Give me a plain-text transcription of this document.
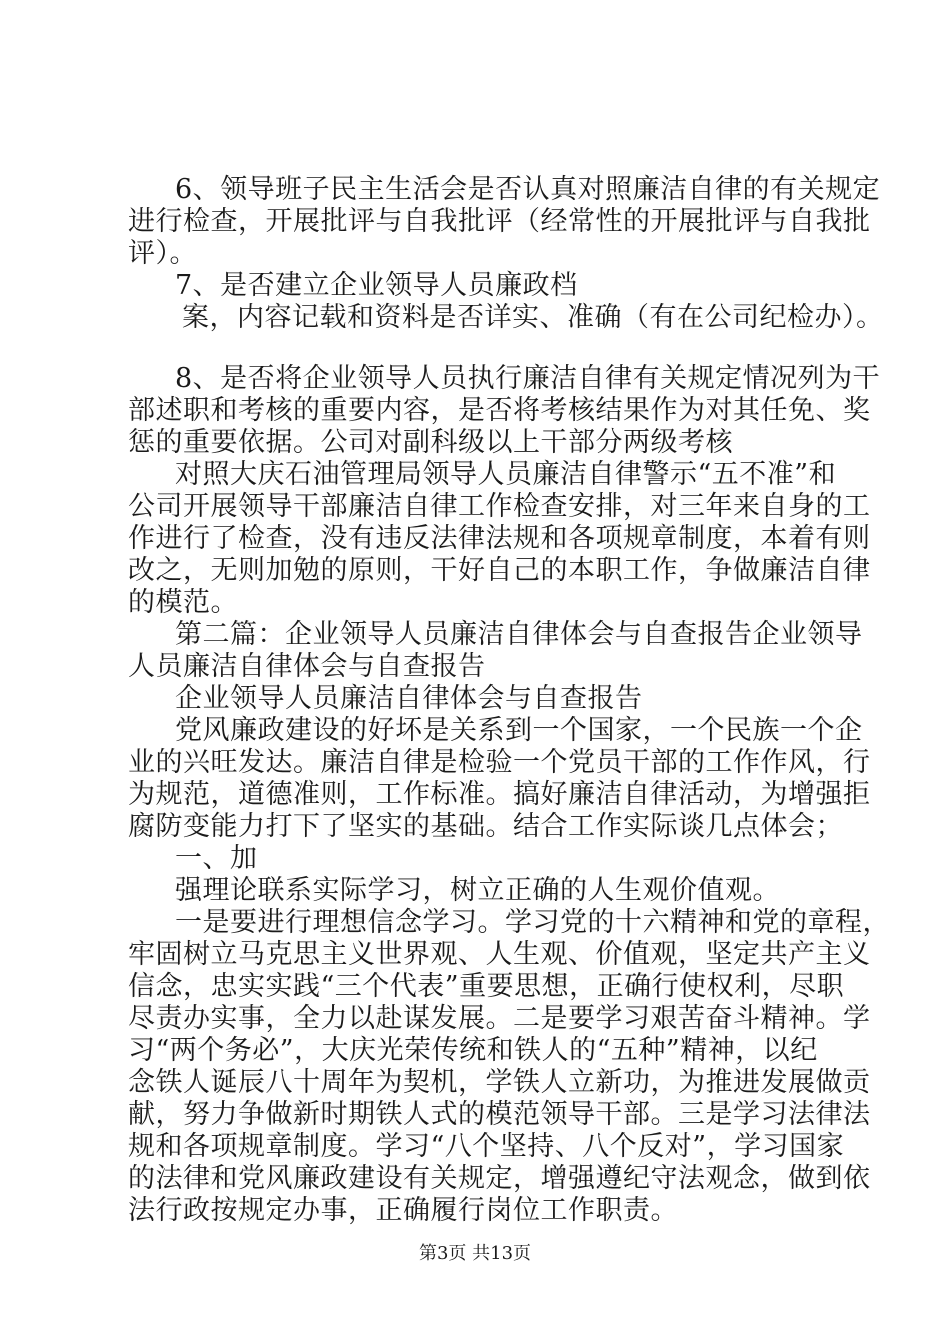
6、领导班子民主生活会是否认真对照廉洁自律的有关规定
进行检查，开展批评与自我批评（经常性的开展批评与自我批
评）。
7、是否建立企业领导人员廉政档
案，内容记载和资料是否详实、准确（有在公司纪检办）。
8、是否将企业领导人员执行廉洁自律有关规定情况列为干
部述职和考核的重要内容，是否将考核结果作为对其任免、奖
惩的重要依据。公司对副科级以上干部分两级考核
对照大庆石油管理局领导人员廉洁自律警示“五不准”和
公司开展领导干部廉洁自律工作检查安排，对三年来自身的工
作进行了检查，没有违反法律法规和各项规章制度，本着有则
改之，无则加勉的原则，干好自己的本职工作，争做廉洁自律
的模范。
第二篇：企业领导人员廉洁自律体会与自查报告企业领导
人员廉洁自律体会与自查报告
企业领导人员廉洁自律体会与自查报告
党风廉政建设的好坏是关系到一个国家，一个民族一个企
业的兴旺发达。廉洁自律是检验一个党员干部的工作作风，行
为规范，道德准则，工作标准。搞好廉洁自律活动，为增强拒
腐防变能力打下了坚实的基础。结合工作实际谈几点体会；
一、加
强理论联系实际学习，树立正确的人生观价值观。
一是要进行理想信念学习。学习党的十六精神和党的章程，
牢固树立马克思主义世界观、人生观、价值观，坚定共产主义
信念，忠实实践“三个代表”重要思想，正确行使权利，尽职
尽责办实事，全力以赴谋发展。二是要学习艰苦奋斗精神。学
习“两个务必”，大庆光荣传统和铁人的“五种”精神，以纪
念铁人诞辰八十周年为契机，学铁人立新功，为推进发展做贡
献，努力争做新时期铁人式的模范领导干部。三是学习法律法
规和各项规章制度。学习“八个坚持、八个反对”，学习国家
的法律和党风廉政建设有关规定，增强遵纪守法观念，做到依
法行政按规定办事，正确履行岗位工作职责。
第3页 共13页
